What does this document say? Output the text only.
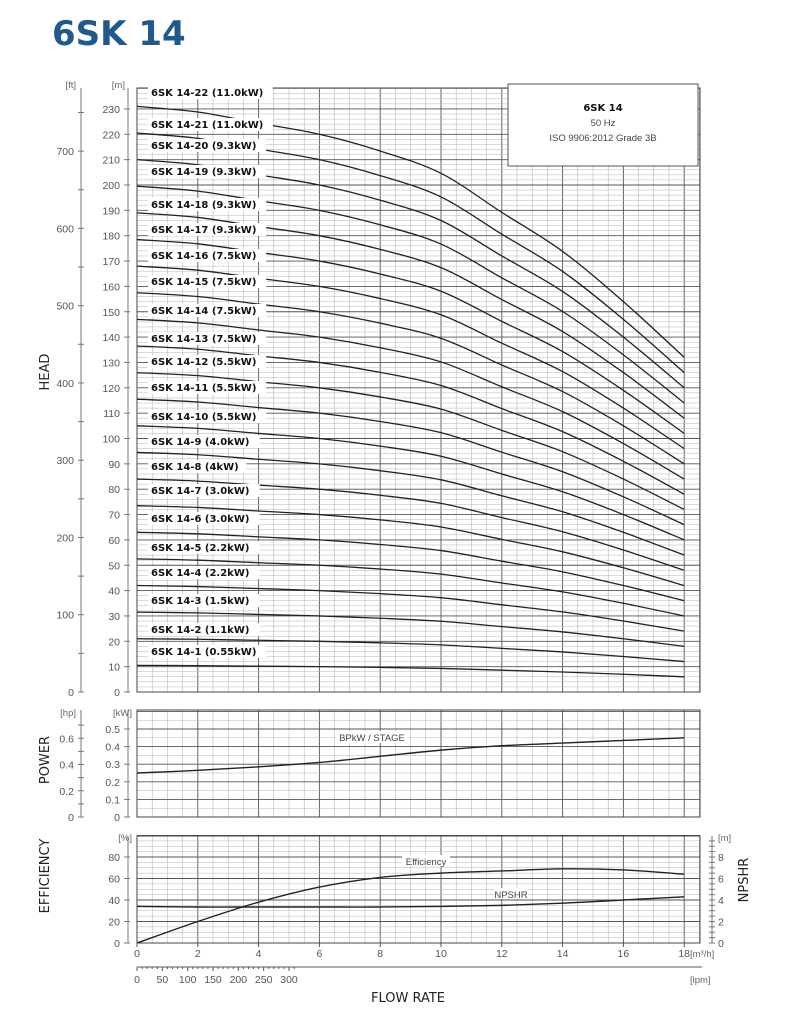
6SK 14
0
10
20
30
40
50
60
70
80
90
100
110
120
130
140
150
160
170
180
190
200
210
220
230
[m]
0
100
200
300
400
500
600
700
[ft]
HEAD
6SK 14-1 (0.55kW)
6SK 14-2 (1.1kW)
6SK 14-3 (1.5kW)
6SK 14-4 (2.2kW)
6SK 14-5 (2.2kW)
6SK 14-6 (3.0kW)
6SK 14-7 (3.0kW)
6SK 14-8 (4kW)
6SK 14-9 (4.0kW)
6SK 14-10 (5.5kW)
6SK 14-11 (5.5kW)
6SK 14-12 (5.5kW)
6SK 14-13 (7.5kW)
6SK 14-14 (7.5kW)
6SK 14-15 (7.5kW)
6SK 14-16 (7.5kW)
6SK 14-17 (9.3kW)
6SK 14-18 (9.3kW)
6SK 14-19 (9.3kW)
6SK 14-20 (9.3kW)
6SK 14-21 (11.0kW)
6SK 14-22 (11.0kW)
6SK 14
50 Hz
ISO 9906:2012 Grade 3B
0
0.1
0.2
0.3
0.4
0.5
[kW]
0
0.2
0.4
0.6
[hp]
POWER	BPkW / STAGE
0
20
40
60
80
[%]
EFFICIENCY
0
2
4
6
8
[m]
NPSHR
Efficiency
NPSHR
0	2	4	6	8	10	12	14	16	18 [m³/h]
0 50 100 150 200 250 300	[lpm]
FLOW RATE
